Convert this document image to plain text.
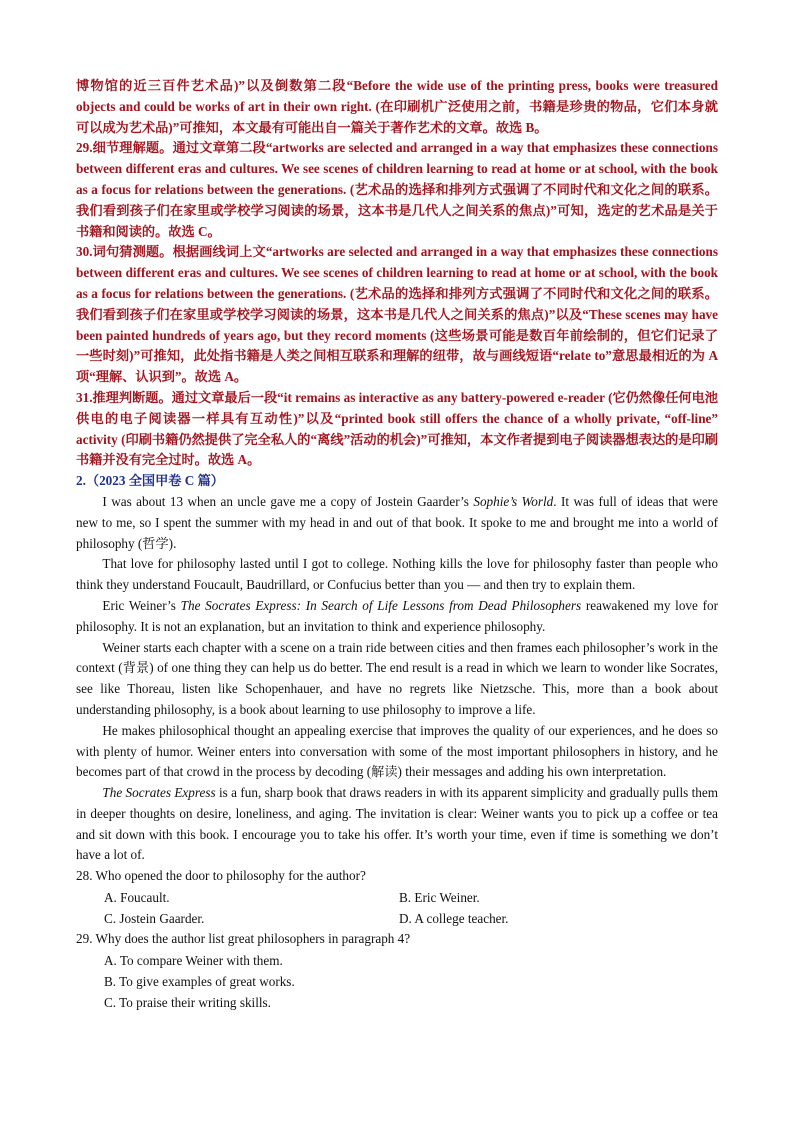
博物馆的近三百件艺术品)”以及倒数第二段“Before the wide use of the printing press, books were treasured objects and could be works of art in their own right. (在印刷机广泛使用之前，书籍是珍贵的物品，它们本身就可以成为艺术品)”可推知，本文最有可能出自一篇关于著作艺术的文章。故选 B。

29.细节理解题。通过文章第二段“artworks are selected and arranged in a way that emphasizes these connections between different eras and cultures. We see scenes of children learning to read at home or at school, with the book as a focus for relations between the generations. (艺术品的选择和排列方式强调了不同时代和文化之间的联系。我们看到孩子们在家里或学校学习阅读的场景，这本书是几代人之间关系的焦点)”可知，选定的艺术品是关于书籍和阅读的。故选 C。

30.词句猜测题。根据画线词上文“artworks are selected and arranged in a way that emphasizes these connections between different eras and cultures. We see scenes of children learning to read at home or at school, with the book as a focus for relations between the generations. (艺术品的选择和排列方式强调了不同时代和文化之间的联系。我们看到孩子们在家里或学校学习阅读的场景，这本书是几代人之间关系的焦点)”以及“These scenes may have been painted hundreds of years ago, but they record moments (这些场景可能是数百年前绘制的，但它们记录了一些时刻)”可推知，此处指书籍是人类之间相互联系和理解的纽带，故与画线短语“relate to”意思最相近的为 A 项“理解、认识到”。故选 A。

31.推理判断题。通过文章最后一段“it remains as interactive as any battery-powered e-reader (它仍然像任何电池供电的电子阅读器一样具有互动性)”以及“printed book still offers the chance of a wholly private, “off-line” activity (印刷书籍仍然提供了完全私人的“离线”活动的机会)”可推知，本文作者提到电子阅读器想表达的是印刷书籍并没有完全过时。故选 A。

2.（2023 全国甲卷 C 篇）

I was about 13 when an uncle gave me a copy of Jostein Gaarder’s Sophie’s World. It was full of ideas that were new to me, so I spent the summer with my head in and out of that book. It spoke to me and brought me into a world of philosophy (哲学).

That love for philosophy lasted until I got to college. Nothing kills the love for philosophy faster than people who think they understand Foucault, Baudrillard, or Confucius better than you — and then try to explain them.

Eric Weiner’s The Socrates Express: In Search of Life Lessons from Dead Philosophers reawakened my love for philosophy. It is not an explanation, but an invitation to think and experience philosophy.

Weiner starts each chapter with a scene on a train ride between cities and then frames each philosopher’s work in the context (背景) of one thing they can help us do better. The end result is a read in which we learn to wonder like Socrates, see like Thoreau, listen like Schopenhauer, and have no regrets like Nietzsche. This, more than a book about understanding philosophy, is a book about learning to use philosophy to improve a life.

He makes philosophical thought an appealing exercise that improves the quality of our experiences, and he does so with plenty of humor. Weiner enters into conversation with some of the most important philosophers in history, and he becomes part of that crowd in the process by decoding (解读) their messages and adding his own interpretation.

The Socrates Express is a fun, sharp book that draws readers in with its apparent simplicity and gradually pulls them in deeper thoughts on desire, loneliness, and aging. The invitation is clear: Weiner wants you to pick up a coffee or tea and sit down with this book. I encourage you to take his offer. It’s worth your time, even if time is something we don’t have a lot of.

28. Who opened the door to philosophy for the author?

A. Foucault.	B. Eric Weiner.
C. Jostein Gaarder.	D. A college teacher.

29. Why does the author list great philosophers in paragraph 4?

A. To compare Weiner with them.

B. To give examples of great works.

C. To praise their writing skills.
